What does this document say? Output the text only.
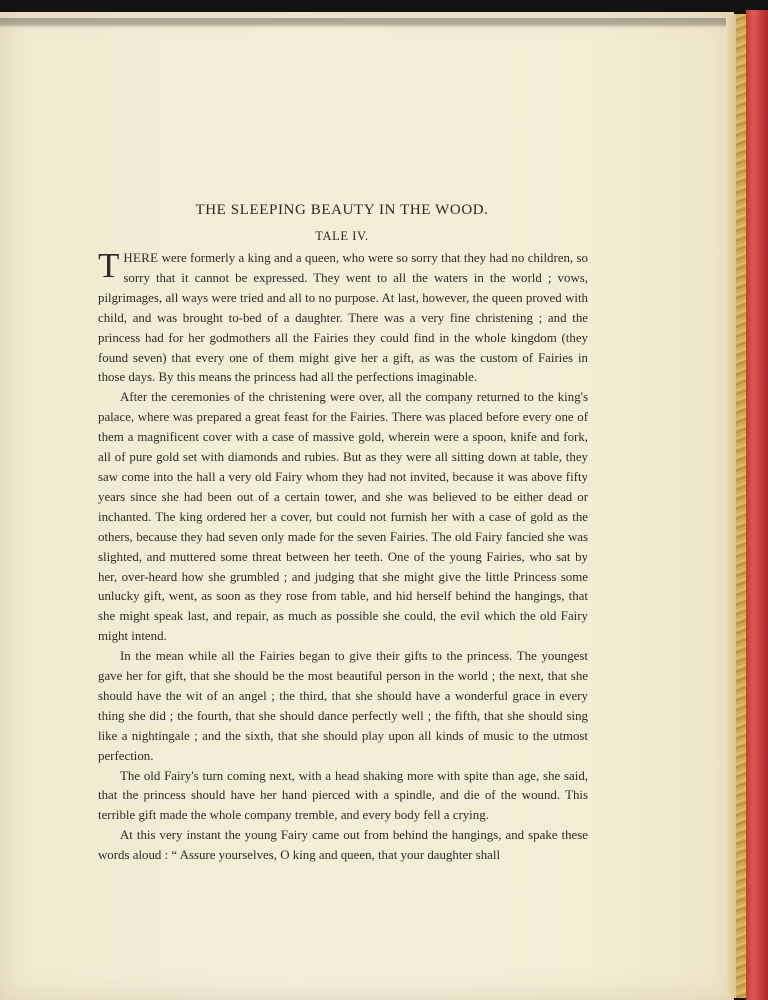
THE SLEEPING BEAUTY IN THE WOOD.
TALE IV.

THERE were formerly a king and a queen, who were so sorry that they had no children, so sorry that it cannot be expressed. They went to all the waters in the world ; vows, pilgrimages, all ways were tried and all to no purpose. At last, however, the queen proved with child, and was brought to-bed of a daughter. There was a very fine christening ; and the princess had for her godmothers all the Fairies they could find in the whole kingdom (they found seven) that every one of them might give her a gift, as was the custom of Fairies in those days. By this means the princess had all the perfections imaginable.

After the ceremonies of the christening were over, all the company returned to the king's palace, where was prepared a great feast for the Fairies. There was placed before every one of them a magnificent cover with a case of massive gold, wherein were a spoon, knife and fork, all of pure gold set with diamonds and rubies. But as they were all sitting down at table, they saw come into the hall a very old Fairy whom they had not invited, because it was above fifty years since she had been out of a certain tower, and she was believed to be either dead or inchanted. The king ordered her a cover, but could not furnish her with a case of gold as the others, because they had seven only made for the seven Fairies. The old Fairy fancied she was slighted, and muttered some threat between her teeth. One of the young Fairies, who sat by her, over-heard how she grumbled ; and judging that she might give the little Princess some unlucky gift, went, as soon as they rose from table, and hid herself behind the hangings, that she might speak last, and repair, as much as possible she could, the evil which the old Fairy might intend.

In the mean while all the Fairies began to give their gifts to the princess. The youngest gave her for gift, that she should be the most beautiful person in the world ; the next, that she should have the wit of an angel ; the third, that she should have a wonderful grace in every thing she did ; the fourth, that she should dance perfectly well ; the fifth, that she should sing like a nightingale ; and the sixth, that she should play upon all kinds of music to the utmost perfection.

The old Fairy's turn coming next, with a head shaking more with spite than age, she said, that the princess should have her hand pierced with a spindle, and die of the wound. This terrible gift made the whole company tremble, and every body fell a crying.

At this very instant the young Fairy came out from behind the hangings, and spake these words aloud : “ Assure yourselves, O king and queen, that your daughter shall
